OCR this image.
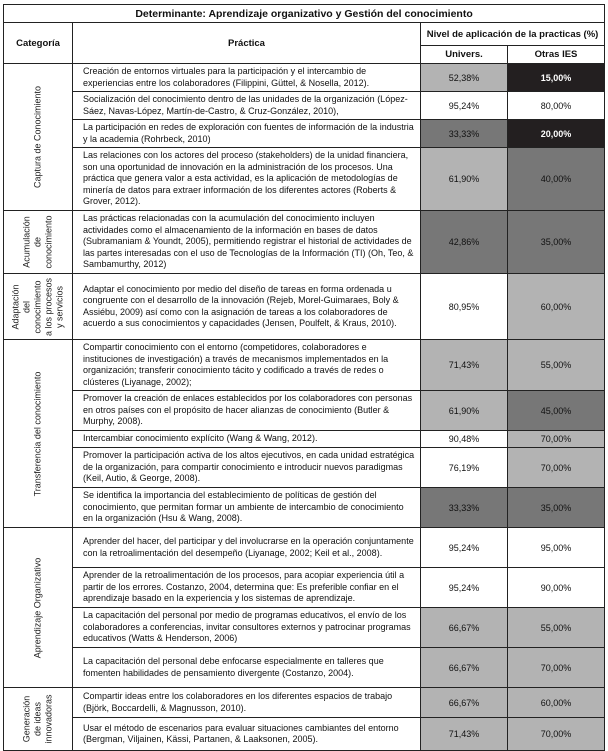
Determinante: Aprendizaje organizativo y Gestión del conocimiento			
Categoría	Práctica	Nivel de aplicación de la practicas (%)	
		Univers.	Otras IES

Captura de Conocimiento	Creación de entornos virtuales para la participación y el intercambio de experiencias entre los colaboradores (Filippini, Güttel, & Nosella, 2012).	52,38%	15,00%
	Socialización del conocimiento dentro de las unidades de la organización (López-Sáez, Navas-López, Martín-de-Castro, & Cruz-González, 2010),	95,24%	80,00%
	La participación en redes de exploración con fuentes de información de la industria y la academia (Rohrbeck, 2010)	33,33%	20,00%
	Las relaciones con los actores del proceso (stakeholders) de la unidad financiera, son una oportunidad de innovación en la administración de los procesos. Una práctica que genera valor a esta actividad, es la aplicación de metodologías de minería de datos para extraer información de los diferentes actores (Roberts & Grover, 2012).	61,90%	40,00%

Acumulación de conocimiento	Las prácticas relacionadas con la acumulación del conocimiento incluyen actividades como el almacenamiento de la información en bases de datos (Subramaniam & Youndt, 2005), permitiendo registrar el historial de actividades de las partes interesadas con el uso de Tecnologías de la Información (TI) (Oh, Teo, & Sambamurthy, 2012)	42,86%	35,00%

Adaptación del conocimiento a los procesos y servicios	Adaptar el conocimiento por medio del diseño de tareas en forma ordenada u congruente con el desarrollo de la innovación (Rejeb, Morel-Guimaraes, Boly & Assiébu, 2009) así como con la asignación de tareas a los colaboradores de acuerdo a sus conocimientos y capacidades (Jensen, Poulfelt, & Kraus, 2010).	80,95%	60,00%

Transferencia del conocimiento	Compartir conocimiento con el entorno (competidores, colaboradores e instituciones de investigación) a través de mecanismos implementados en la organización; transferir conocimiento tácito y codificado a través de redes o clústeres (Liyanage, 2002);	71,43%	55,00%
	Promover la creación de enlaces establecidos por los colaboradores con personas en otros países con el propósito de hacer alianzas de conocimiento (Butler & Murphy, 2008).	61,90%	45,00%
	Intercambiar conocimiento explícito (Wang & Wang, 2012).	90,48%	70,00%
	Promover la participación activa de los altos ejecutivos, en cada unidad estratégica de la organización, para compartir conocimiento e introducir nuevos paradigmas (Keil, Autio, & George, 2008).	76,19%	70,00%
	Se identifica la importancia del establecimiento de políticas de gestión del conocimiento, que permitan formar un ambiente de intercambio de conocimiento en la organización (Hsu & Wang, 2008).	33,33%	35,00%

Aprendizaje Organizativo	Aprender del hacer, del participar y del involucrarse en la operación conjuntamente con la retroalimentación del desempeño (Liyanage, 2002; Keil et al., 2008).	95,24%	95,00%
	Aprender de la retroalimentación de los procesos, para acopiar experiencia útil a partir de los errores. Costanzo, 2004, determina que: Es preferible confiar en el aprendizaje basado en la experiencia y los sistemas de aprendizaje.	95,24%	90,00%
	La capacitación del personal por medio de programas educativos, el envío de los colaboradores a conferencias, invitar consultores externos y patrocinar programas educativos (Watts & Henderson, 2006)	66,67%	55,00%
	La capacitación del personal debe enfocarse especialmente en talleres que fomenten habilidades de pensamiento divergente (Costanzo, 2004).	66,67%	70,00%

Generación de ideas innovadoras	Compartir ideas entre los colaboradores en los diferentes espacios de trabajo (Björk, Boccardelli, & Magnusson, 2010).	66,67%	60,00%
	Usar el método de escenarios para evaluar situaciones cambiantes del entorno (Bergman, Viljainen, Kässi, Partanen, & Laaksonen, 2005).	71,43%	70,00%
